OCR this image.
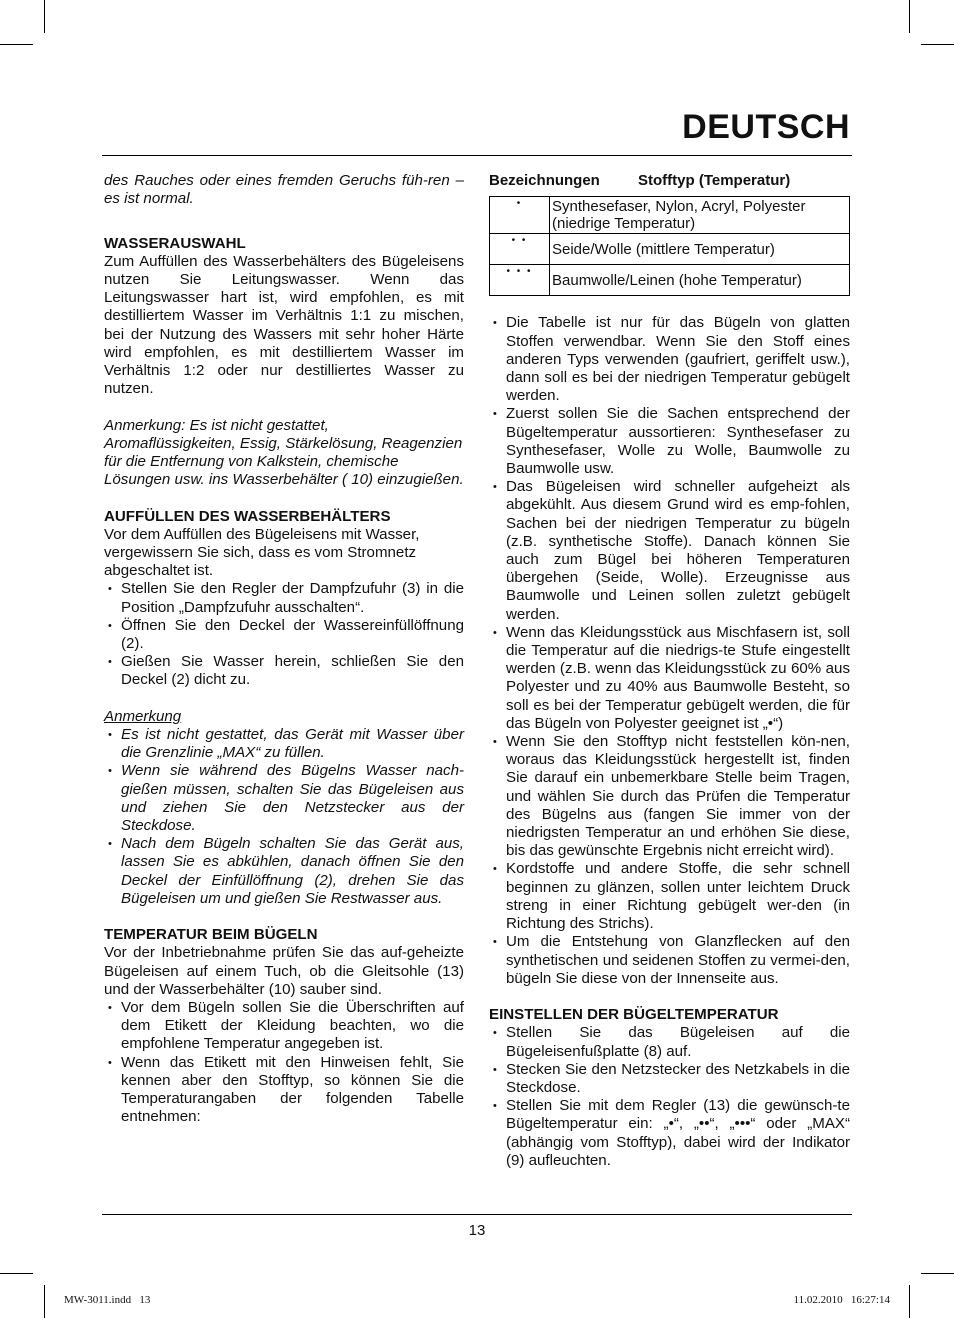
DEUTSCH

des Rauches oder eines fremden Geruchs füh-ren – es ist normal.

WASSERAUSWAHL

Zum Auffüllen des Wasserbehälters des Bügeleisens nutzen Sie Leitungswasser. Wenn das Leitungswasser hart ist, wird empfohlen, es mit destilliertem Wasser im Verhältnis 1:1 zu mischen, bei der Nutzung des Wassers mit sehr hoher Härte wird empfohlen, es mit destilliertem Wasser im Verhältnis 1:2 oder nur destilliertes Wasser zu nutzen.

Anmerkung: Es ist nicht gestattet, Aromaflüssigkeiten, Essig, Stärkelösung, Reagenzien für die Entfernung von Kalkstein, chemische Lösungen usw. ins Wasserbehälter ( 10) einzugießen.

AUFFÜLLEN DES WASSERBEHÄLTERS

Vor dem Auffüllen des Bügeleisens mit Wasser, vergewissern Sie sich, dass es vom Stromnetz abgeschaltet ist.

• Stellen Sie den Regler der Dampfzufuhr (3) in die Position „Dampfzufuhr ausschalten“.
• Öffnen Sie den Deckel der Wassereinfüllöffnung (2).
• Gießen Sie Wasser herein, schließen Sie den Deckel (2) dicht zu.

Anmerkung

• Es ist nicht gestattet, das Gerät mit Wasser über die Grenzlinie „MAX“ zu füllen.
• Wenn sie während des Bügelns Wasser nach-gießen müssen, schalten Sie das Bügeleisen aus und ziehen Sie den Netzstecker aus der Steckdose.
• Nach dem Bügeln schalten Sie das Gerät aus, lassen Sie es abkühlen, danach öffnen Sie den Deckel der Einfüllöffnung (2), drehen Sie das Bügeleisen um und gießen Sie Restwasser aus.

TEMPERATUR BEIM BÜGELN

Vor der Inbetriebnahme prüfen Sie das auf-geheizte Bügeleisen auf einem Tuch, ob die Gleitsohle (13) und der Wasserbehälter (10) sauber sind.

• Vor dem Bügeln sollen Sie die Überschriften auf dem Etikett der Kleidung beachten, wo die empfohlene Temperatur angegeben ist.
• Wenn das Etikett mit den Hinweisen fehlt, Sie kennen aber den Stofftyp, so können Sie die Temperaturangaben der folgenden Tabelle entnehmen:
Bezeichnungen	Stofftyp (Temperatur)
•	Synthesefaser, Nylon, Acryl, Polyester (niedrige Temperatur)
• •	Seide/Wolle (mittlere Temperatur)
• • •	Baumwolle/Leinen (hohe Temperatur)
• Die Tabelle ist nur für das Bügeln von glatten Stoffen verwendbar. Wenn Sie den Stoff eines anderen Typs verwenden (gaufriert, geriffelt usw.), dann soll es bei der niedrigen Temperatur gebügelt werden.
• Zuerst sollen Sie die Sachen entsprechend der Bügeltemperatur aussortieren: Synthesefaser zu Synthesefaser, Wolle zu Wolle, Baumwolle zu Baumwolle usw.
• Das Bügeleisen wird schneller aufgeheizt als abgekühlt. Aus diesem Grund wird es emp-fohlen, Sachen bei der niedrigen Temperatur zu bügeln (z.B. synthetische Stoffe). Danach können Sie auch zum Bügel bei höheren Temperaturen übergehen (Seide, Wolle). Erzeugnisse aus Baumwolle und Leinen sollen zuletzt gebügelt werden.
• Wenn das Kleidungsstück aus Mischfasern ist, soll die Temperatur auf die niedrigs-te Stufe eingestellt werden (z.B. wenn das Kleidungsstück zu 60% aus Polyester und zu 40% aus Baumwolle Besteht, so soll es bei der Temperatur gebügelt werden, die für das Bügeln von Polyester geeignet ist „•“)
• Wenn Sie den Stofftyp nicht feststellen kön-nen, woraus das Kleidungsstück hergestellt ist, finden Sie darauf ein unbemerkbare Stelle beim Tragen, und wählen Sie durch das Prüfen die Temperatur des Bügelns aus (fangen Sie immer von der niedrigsten Temperatur an und erhöhen Sie diese, bis das gewünschte Ergebnis nicht erreicht wird).
• Kordstoffe und andere Stoffe, die sehr schnell beginnen zu glänzen, sollen unter leichtem Druck streng in einer Richtung gebügelt wer-den (in Richtung des Strichs).
• Um die Entstehung von Glanzflecken auf den synthetischen und seidenen Stoffen zu vermei-den, bügeln Sie diese von der Innenseite aus.

EINSTELLEN DER BÜGELTEMPERATUR

• Stellen Sie das Bügeleisen auf die Bügeleisenfußplatte (8) auf.
• Stecken Sie den Netzstecker des Netzkabels in die Steckdose.
• Stellen Sie mit dem Regler (13) die gewünsch-te Bügeltemperatur ein: „•“, „••“, „•••“ oder „MAX“ (abhängig vom Stofftyp), dabei wird der Indikator (9) aufleuchten.
13
MW-3011.indd   13	11.02.2010   16:27:14
